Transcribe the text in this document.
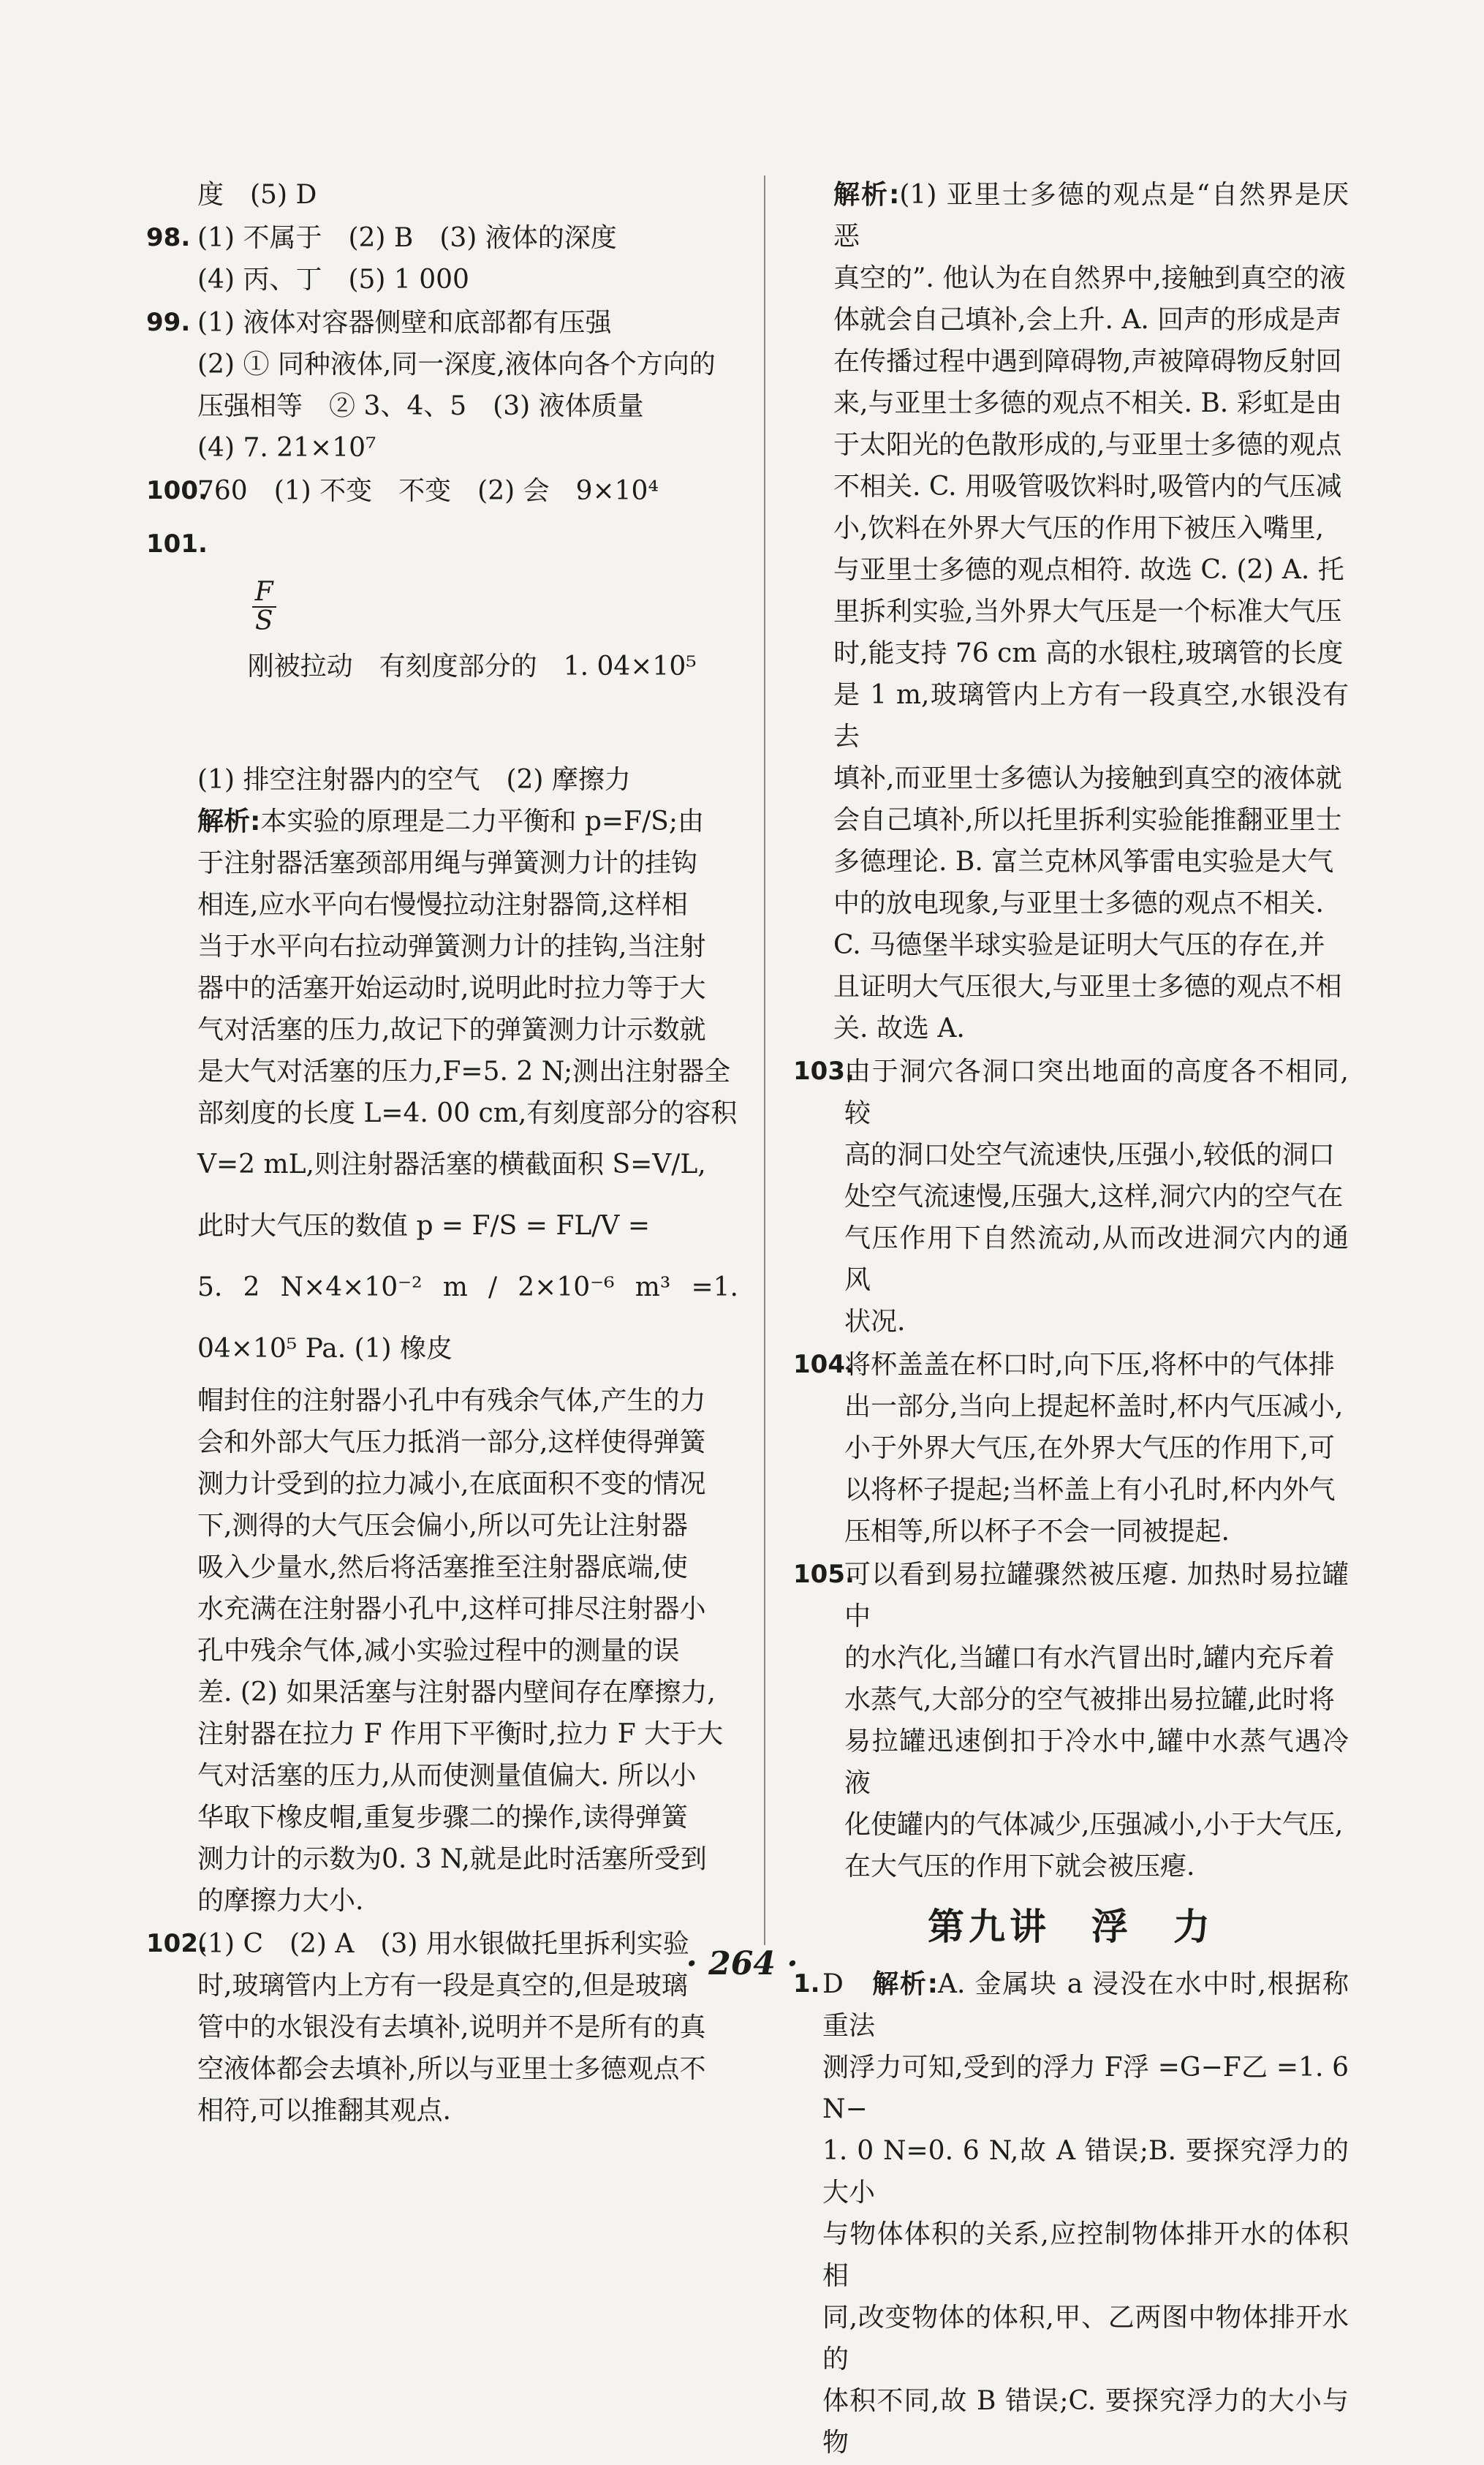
度　(5) D
98. (1) 不属于　(2) B　(3) 液体的深度
(4) 丙、丁　(5) 1 000
99. (1) 液体对容器侧壁和底部都有压强
(2) ① 同种液体,同一深度,液体向各个方向的
压强相等　② 3、4、5　(3) 液体质量
(4) 7. 21×10⁷
100.
760　(1) 不变　不变　(2) 会　9×10⁴
101.

$\frac{F}{S}$

刚被拉动　有刻度部分的　1. 04×10⁵

(1) 排空注射器内的空气　(2) 摩擦力
解析:本实验的原理是二力平衡和 p=F/S;由
于注射器活塞颈部用绳与弹簧测力计的挂钩
相连,应水平向右慢慢拉动注射器筒,这样相
当于水平向右拉动弹簧测力计的挂钩,当注射
器中的活塞开始运动时,说明此时拉力等于大
气对活塞的压力,故记下的弹簧测力计示数就
是大气对活塞的压力,F=5. 2 N;测出注射器全
部刻度的长度 L=4. 00 cm,有刻度部分的容积
V=2 mL,则注射器活塞的横截面积 S=V/L,
此时大气压的数值 p = F/S = FL/V =
5. 2 N×4×10⁻² m / 2×10⁻⁶ m³ =1. 04×10⁵ Pa. (1) 橡皮
帽封住的注射器小孔中有残余气体,产生的力
会和外部大气压力抵消一部分,这样使得弹簧
测力计受到的拉力减小,在底面积不变的情况
下,测得的大气压会偏小,所以可先让注射器
吸入少量水,然后将活塞推至注射器底端,使
水充满在注射器小孔中,这样可排尽注射器小
孔中残余气体,减小实验过程中的测量的误
差. (2) 如果活塞与注射器内壁间存在摩擦力,
注射器在拉力 F 作用下平衡时,拉力 F 大于大
气对活塞的压力,从而使测量值偏大. 所以小
华取下橡皮帽,重复步骤二的操作,读得弹簧
测力计的示数为0. 3 N,就是此时活塞所受到
的摩擦力大小.
102.
(1) C　(2) A　(3) 用水银做托里拆利实验
时,玻璃管内上方有一段是真空的,但是玻璃
管中的水银没有去填补,说明并不是所有的真
空液体都会去填补,所以与亚里士多德观点不
相符,可以推翻其观点.
解析:(1) 亚里士多德的观点是“自然界是厌恶
真空的”. 他认为在自然界中,接触到真空的液
体就会自己填补,会上升. A. 回声的形成是声
在传播过程中遇到障碍物,声被障碍物反射回
来,与亚里士多德的观点不相关. B. 彩虹是由
于太阳光的色散形成的,与亚里士多德的观点
不相关. C. 用吸管吸饮料时,吸管内的气压减
小,饮料在外界大气压的作用下被压入嘴里,
与亚里士多德的观点相符. 故选 C. (2) A. 托
里拆利实验,当外界大气压是一个标准大气压
时,能支持 76 cm 高的水银柱,玻璃管的长度
是 1 m,玻璃管内上方有一段真空,水银没有去
填补,而亚里士多德认为接触到真空的液体就
会自己填补,所以托里拆利实验能推翻亚里士
多德理论. B. 富兰克林风筝雷电实验是大气
中的放电现象,与亚里士多德的观点不相关.
C. 马德堡半球实验是证明大气压的存在,并
且证明大气压很大,与亚里士多德的观点不相
关. 故选 A.
103.
由于洞穴各洞口突出地面的高度各不相同,较
高的洞口处空气流速快,压强小,较低的洞口
处空气流速慢,压强大,这样,洞穴内的空气在
气压作用下自然流动,从而改进洞穴内的通风
状况.
104.
将杯盖盖在杯口时,向下压,将杯中的气体排
出一部分,当向上提起杯盖时,杯内气压减小,
小于外界大气压,在外界大气压的作用下,可
以将杯子提起;当杯盖上有小孔时,杯内外气
压相等,所以杯子不会一同被提起.
105.
可以看到易拉罐骤然被压瘪. 加热时易拉罐中
的水汽化,当罐口有水汽冒出时,罐内充斥着
水蒸气,大部分的空气被排出易拉罐,此时将
易拉罐迅速倒扣于冷水中,罐中水蒸气遇冷液
化使罐内的气体减少,压强减小,小于大气压,
在大气压的作用下就会被压瘪.
第九讲　浮　力
1. D　解析:A. 金属块 a 浸没在水中时,根据称重法
测浮力可知,受到的浮力 F浮 =G−F乙 =1. 6 N−
1. 0 N=0. 6 N,故 A 错误;B. 要探究浮力的大小
与物体体积的关系,应控制物体排开水的体积相
同,改变物体的体积,甲、乙两图中物体排开水的
体积不同,故 B 错误;C. 要探究浮力的大小与物
· 264 ·
